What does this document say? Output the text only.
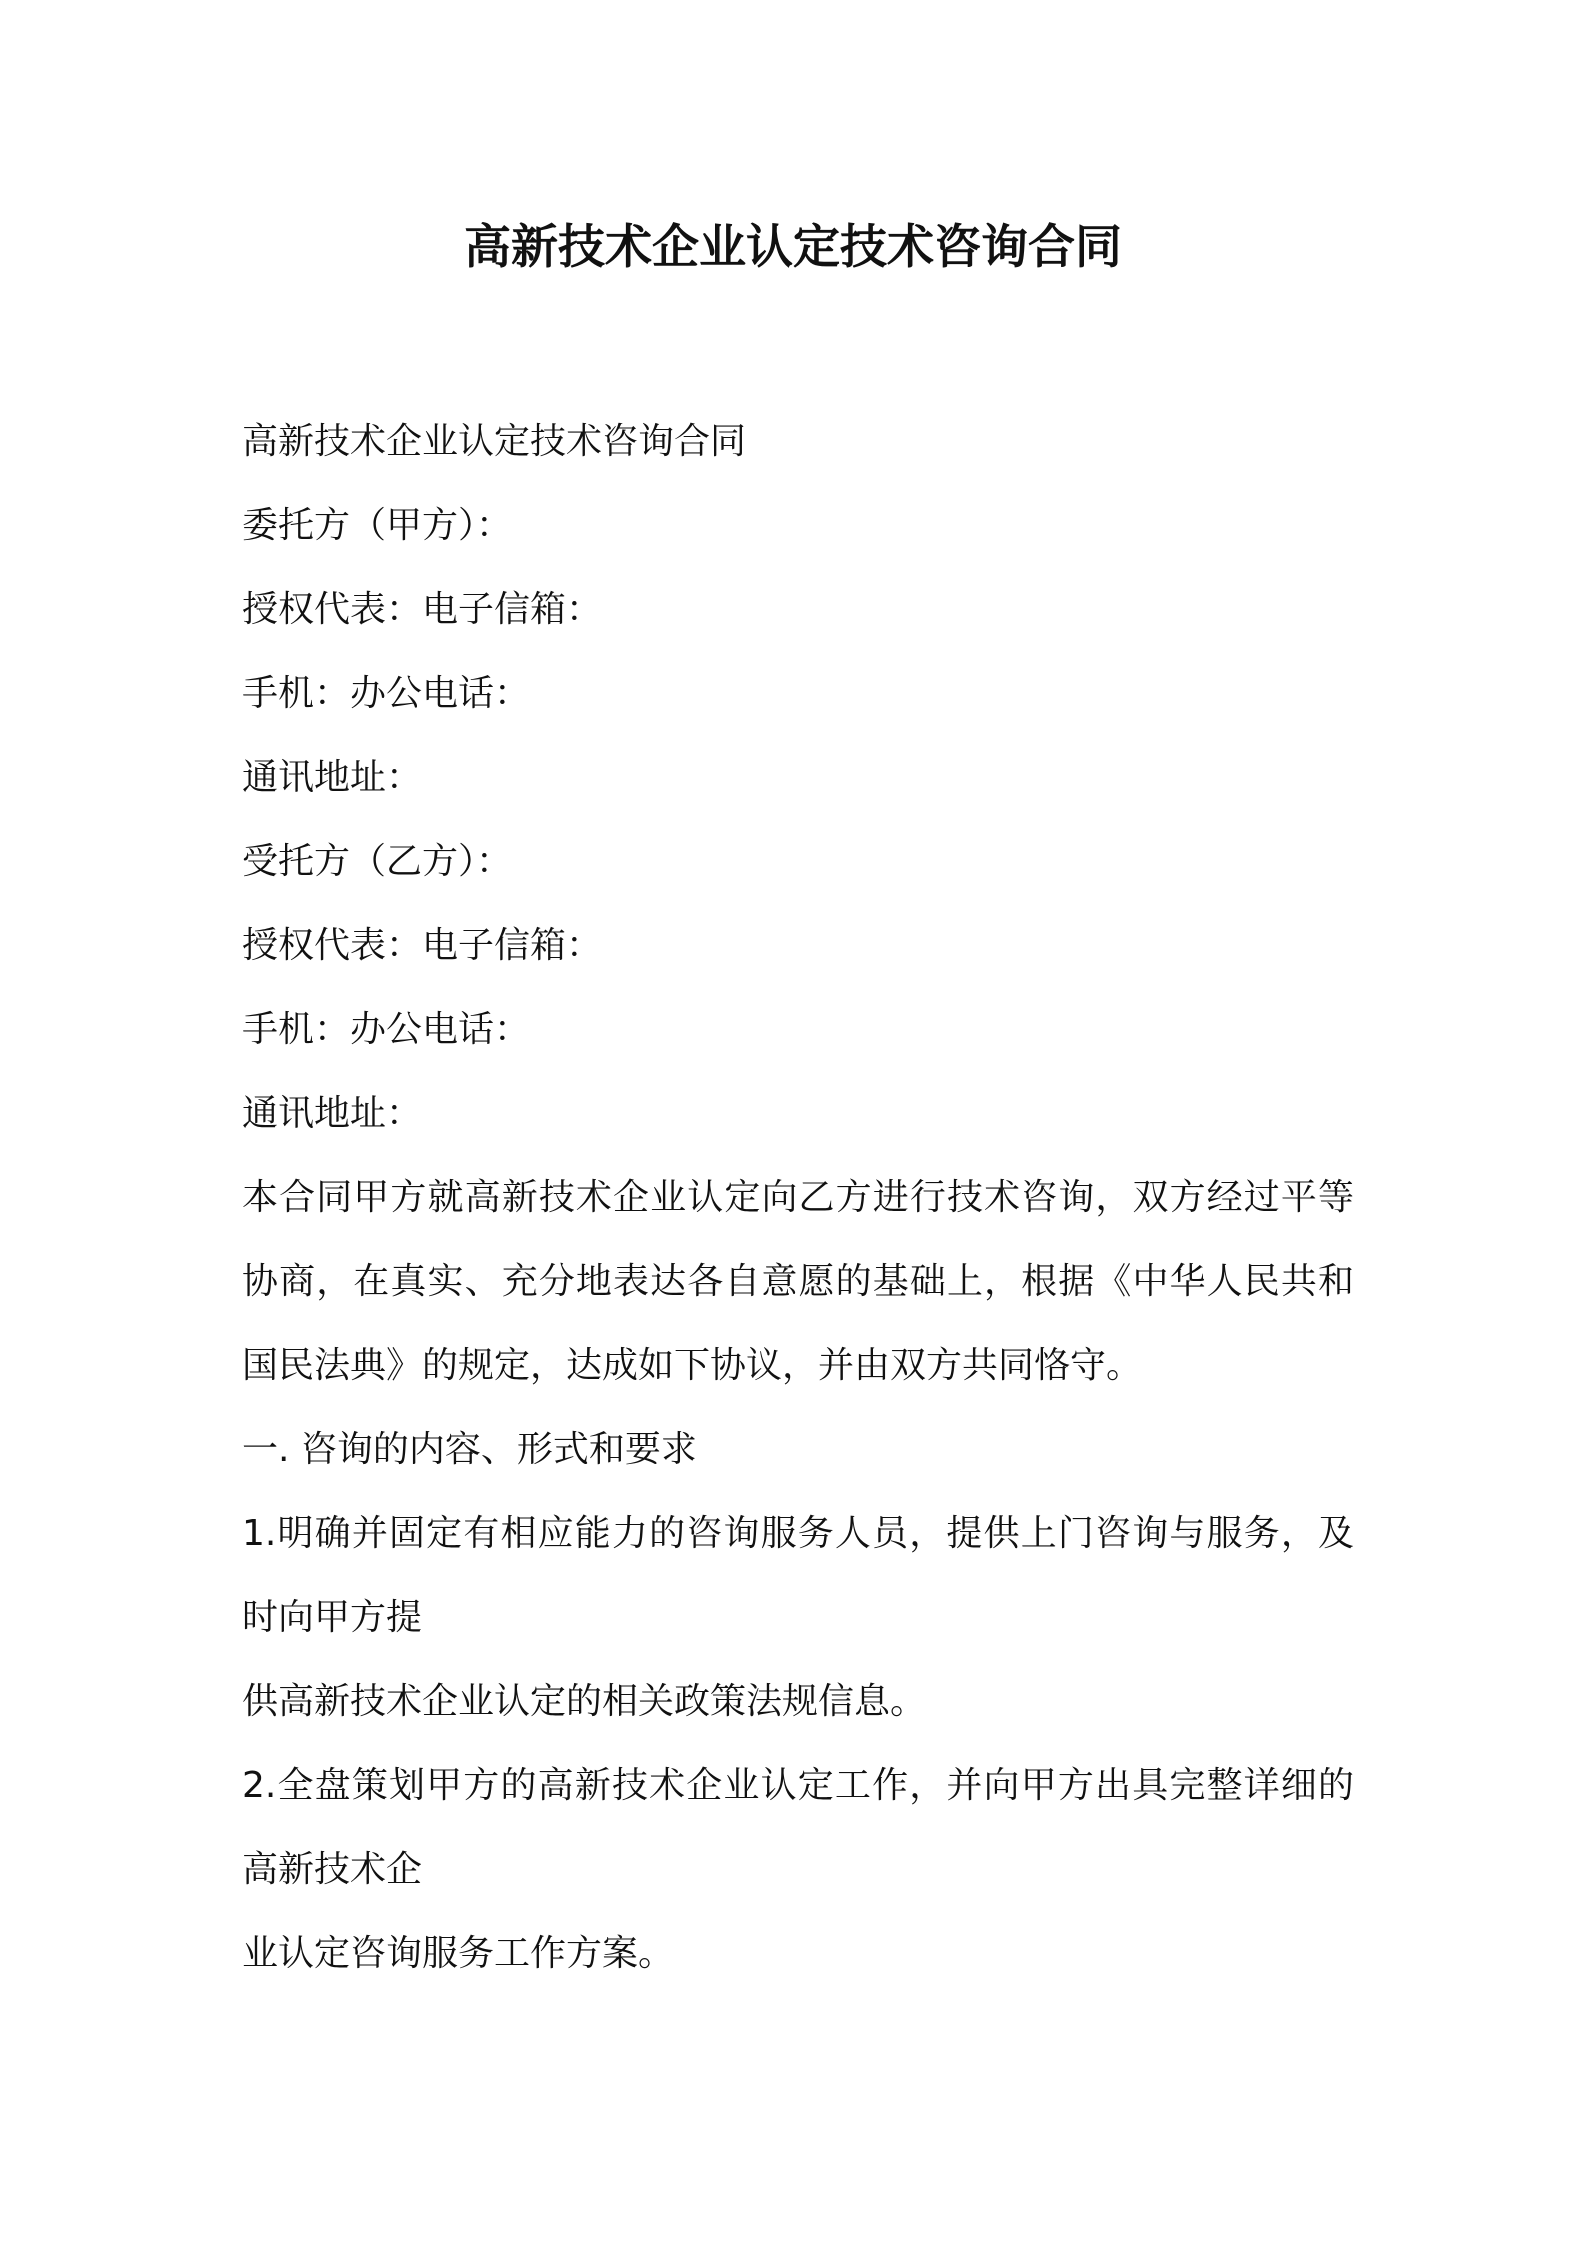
高新技术企业认定技术咨询合同
高新技术企业认定技术咨询合同
委托方（甲方）：
授权代表：电子信箱：
手机：办公电话：
通讯地址：
受托方（乙方）：
授权代表：电子信箱：
手机：办公电话：
通讯地址：
本合同甲方就高新技术企业认定向乙方进行技术咨询，双方经过平等
协商，在真实、充分地表达各自意愿的基础上，根据《中华人民共和
国民法典》的规定，达成如下协议，并由双方共同恪守。
一. 咨询的内容、形式和要求
1.明确并固定有相应能力的咨询服务人员，提供上门咨询与服务，及
时向甲方提
供高新技术企业认定的相关政策法规信息。
2.全盘策划甲方的高新技术企业认定工作，并向甲方出具完整详细的
高新技术企
业认定咨询服务工作方案。
